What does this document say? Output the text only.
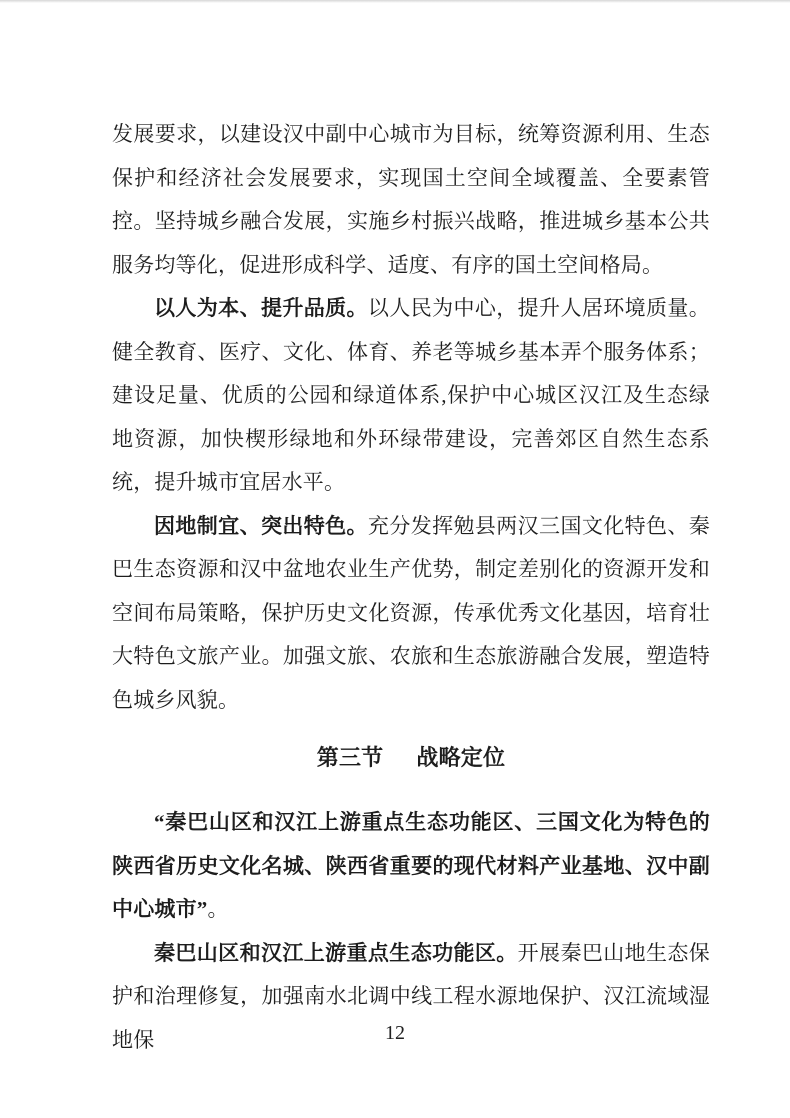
发展要求，以建设汉中副中心城市为目标，统筹资源利用、生态保护和经济社会发展要求，实现国土空间全域覆盖、全要素管控。坚持城乡融合发展，实施乡村振兴战略，推进城乡基本公共服务均等化，促进形成科学、适度、有序的国土空间格局。

以人为本、提升品质。以人民为中心，提升人居环境质量。健全教育、医疗、文化、体育、养老等城乡基本弄个服务体系；建设足量、优质的公园和绿道体系,保护中心城区汉江及生态绿地资源，加快楔形绿地和外环绿带建设，完善郊区自然生态系统，提升城市宜居水平。

因地制宜、突出特色。充分发挥勉县两汉三国文化特色、秦巴生态资源和汉中盆地农业生产优势，制定差别化的资源开发和空间布局策略，保护历史文化资源，传承优秀文化基因，培育壮大特色文旅产业。加强文旅、农旅和生态旅游融合发展，塑造特色城乡风貌。

第三节 战略定位

“秦巴山区和汉江上游重点生态功能区、三国文化为特色的陕西省历史文化名城、陕西省重要的现代材料产业基地、汉中副中心城市”。

秦巴山区和汉江上游重点生态功能区。开展秦巴山地生态保护和治理修复，加强南水北调中线工程水源地保护、汉江流域湿地保	12
